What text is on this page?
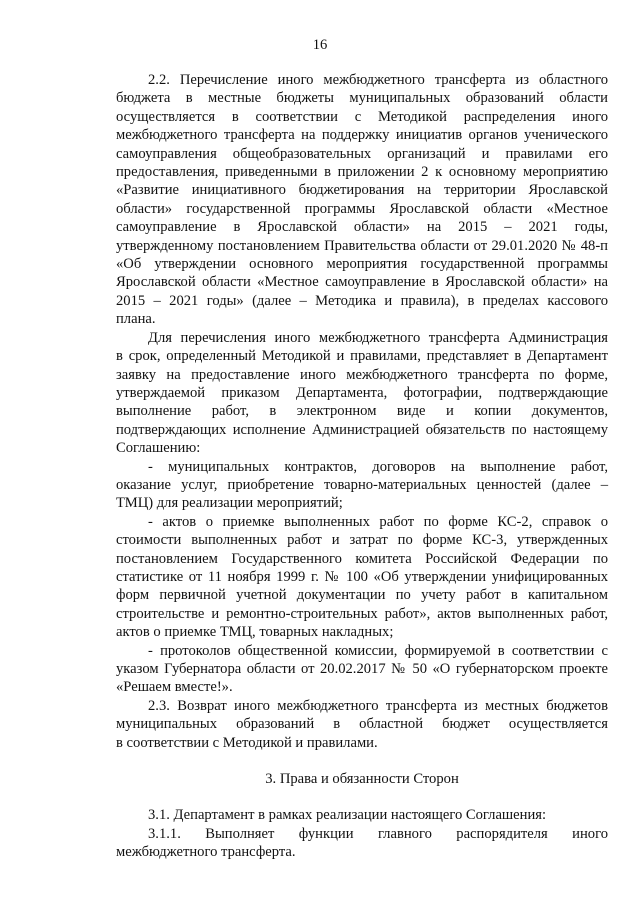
16
2.2. Перечисление иного межбюджетного трансферта из областного
бюджета в местные бюджеты муниципальных образований области
осуществляется в соответствии с Методикой распределения иного
межбюджетного трансферта на поддержку инициатив органов ученического
самоуправления общеобразовательных организаций и правилами его
предоставления, приведенными в приложении 2 к основному мероприятию
«Развитие инициативного бюджетирования на территории Ярославской
области» государственной программы Ярославской области «Местное
самоуправление в Ярославской области» на 2015 – 2021 годы,
утвержденному постановлением Правительства области от 29.01.2020 № 48-п
«Об утверждении основного мероприятия государственной программы
Ярославской области «Местное самоуправление в Ярославской области» на
2015 – 2021 годы» (далее – Методика и правила), в пределах кассового
плана.
Для перечисления иного межбюджетного трансферта Администрация
в срок, определенный Методикой и правилами, представляет в Департамент
заявку на предоставление иного межбюджетного трансферта по форме,
утверждаемой приказом Департамента, фотографии, подтверждающие
выполнение работ, в электронном виде и копии документов,
подтверждающих исполнение Администрацией обязательств по настоящему
Соглашению:
- муниципальных контрактов, договоров на выполнение работ,
оказание услуг, приобретение товарно-материальных ценностей (далее –
ТМЦ) для реализации мероприятий;
- актов о приемке выполненных работ по форме КС-2, справок о
стоимости выполненных работ и затрат по форме КС-3, утвержденных
постановлением Государственного комитета Российской Федерации по
статистике от 11 ноября 1999 г. № 100 «Об утверждении унифицированных
форм первичной учетной документации по учету работ в капитальном
строительстве и ремонтно-строительных работ», актов выполненных работ,
актов о приемке ТМЦ, товарных накладных;
- протоколов общественной комиссии, формируемой в соответствии с
указом Губернатора области от 20.02.2017 № 50 «О губернаторском проекте
«Решаем вместе!».
2.3. Возврат иного межбюджетного трансферта из местных бюджетов
муниципальных образований в областной бюджет осуществляется
в соответствии с Методикой и правилами.
3. Права и обязанности Сторон
3.1. Департамент в рамках реализации настоящего Соглашения:
3.1.1. Выполняет функции главного распорядителя иного
межбюджетного трансферта.
